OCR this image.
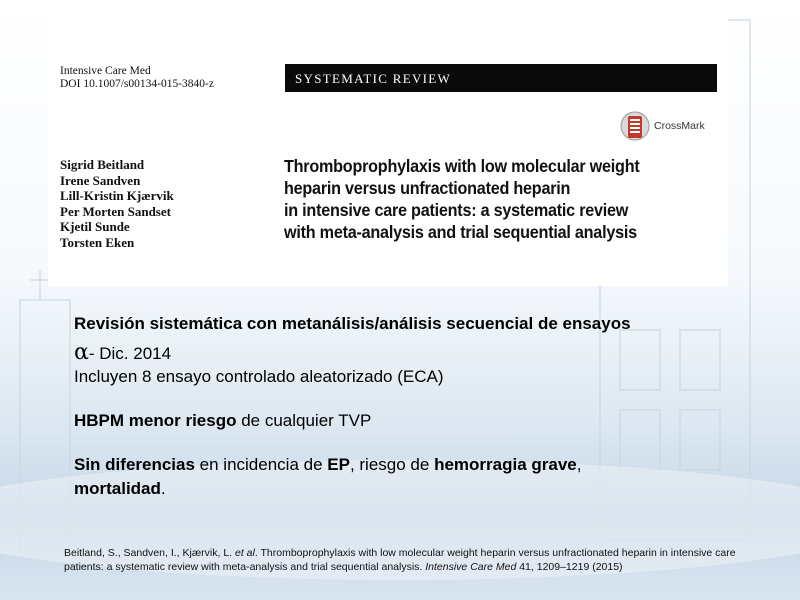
Intensive Care Med
DOI 10.1007/s00134-015-3840-z	SYSTEMATIC REVIEW
CrossMark
Sigrid Beitland
Irene Sandven
Lill-Kristin Kjærvik
Per Morten Sandset
Kjetil Sunde
Torsten Eken
Thromboprophylaxis with low molecular weight
heparin versus unfractionated heparin
in intensive care patients: a systematic review
with meta-analysis and trial sequential analysis
Revisión sistemática con metanálisis/análisis secuencial de ensayos
α- Dic. 2014
Incluyen 8 ensayo controlado aleatorizado (ECA)
HBPM menor riesgo de cualquier TVP
Sin diferencias en incidencia de EP, riesgo de hemorragia grave,
mortalidad.
Beitland, S., Sandven, I., Kjærvik, L. et al. Thromboprophylaxis with low molecular weight heparin versus unfractionated heparin in intensive care patients: a systematic review with meta-analysis and trial sequential analysis. Intensive Care Med 41, 1209–1219 (2015)
